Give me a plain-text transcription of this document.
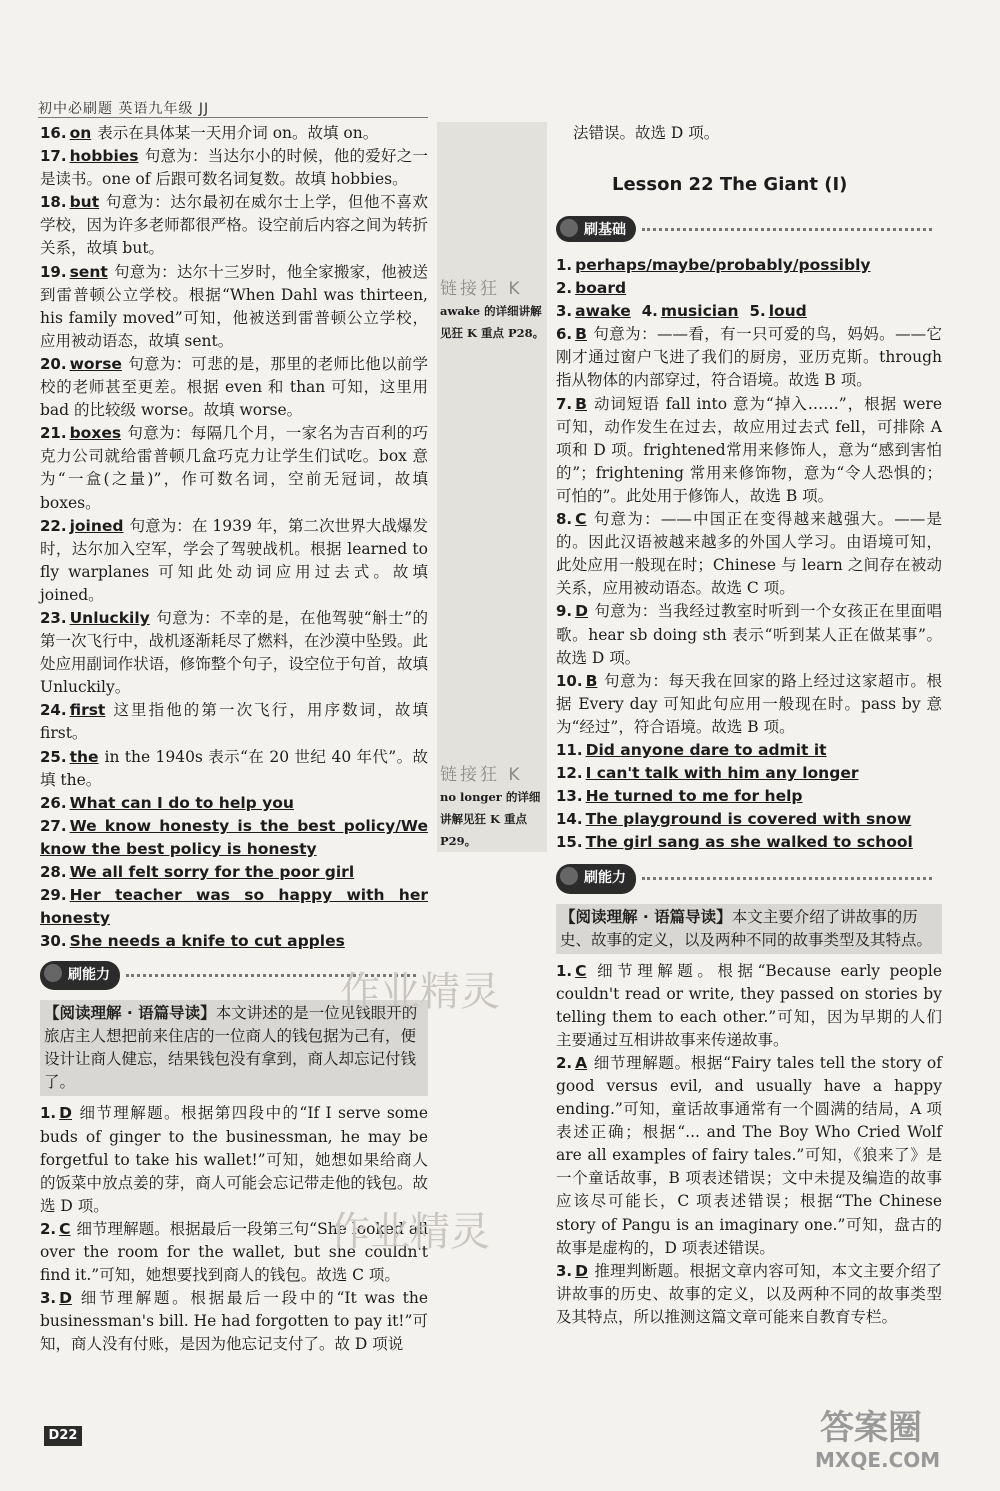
初中必刷题 英语九年级 JJ

16. on 表示在具体某一天用介词 on。故填 on。

17. hobbies 句意为：当达尔小的时候，他的爱好之一是读书。one of 后跟可数名词复数。故填 hobbies。

18. but 句意为：达尔最初在威尔士上学，但他不喜欢学校，因为许多老师都很严格。设空前后内容之间为转折关系，故填 but。

19. sent 句意为：达尔十三岁时，他全家搬家，他被送到雷普顿公立学校。根据“When Dahl was thirteen, his family moved”可知，他被送到雷普顿公立学校，应用被动语态，故填 sent。

20. worse 句意为：可悲的是，那里的老师比他以前学校的老师甚至更差。根据 even 和 than 可知，这里用 bad 的比较级 worse。故填 worse。

21. boxes 句意为：每隔几个月，一家名为吉百利的巧克力公司就给雷普顿几盒巧克力让学生们试吃。box 意为“一盒(之量)”，作可数名词，空前无冠词，故填 boxes。

22. joined 句意为：在 1939 年，第二次世界大战爆发时，达尔加入空军，学会了驾驶战机。根据 learned to fly warplanes 可知此处动词应用过去式。故填 joined。

23. Unluckily 句意为：不幸的是，在他驾驶“斛士”的第一次飞行中，战机逐渐耗尽了燃料，在沙漠中坠毁。此处应用副词作状语，修饰整个句子，设空位于句首，故填 Unluckily。

24. first 这里指他的第一次飞行，用序数词，故填 first。

25. the in the 1940s 表示“在 20 世纪 40 年代”。故填 the。

26. What can I do to help you

27. We know honesty is the best policy/We know the best policy is honesty

28. We all felt sorry for the poor girl

29. Her teacher was so happy with her honesty

30. She needs a knife to cut apples

刷能力
【阅读理解 · 语篇导读】本文讲述的是一位见钱眼开的旅店主人想把前来住店的一位商人的钱包据为己有，便设计让商人健忘，结果钱包没有拿到，商人却忘记付钱了。

1. D 细节理解题。根据第四段中的“If I serve some buds of ginger to the businessman, he may be forgetful to take his wallet!”可知，她想如果给商人的饭菜中放点姜的芽，商人可能会忘记带走他的钱包。故选 D 项。

2. C 细节理解题。根据最后一段第三句“She looked all over the room for the wallet, but she couldn't find it.”可知，她想要找到商人的钱包。故选 C 项。

3. D 细节理解题。根据最后一段中的“It was the businessman's bill. He had forgotten to pay it!”可知，商人没有付账，是因为他忘记支付了。故 D 项说

链接狂 K
awake 的详细讲解见狂 K 重点 P28。
链接狂 K
no longer 的详细讲解见狂 K 重点 P29。

法错误。故选 D 项。

Lesson 22 The Giant (Ⅰ)
刷基础

1. perhaps/maybe/probably/possibly 2. board

3. awake 4. musician 5. loud

6. B 句意为：——看，有一只可爱的鸟，妈妈。——它刚才通过窗户飞进了我们的厨房，亚历克斯。through 指从物体的内部穿过，符合语境。故选 B 项。

7. B 动词短语 fall into 意为“掉入……”，根据 were 可知，动作发生在过去，故应用过去式 fell，可排除 A 项和 D 项。frightened常用来修饰人，意为“感到害怕的”；frightening 常用来修饰物，意为“令人恐惧的；可怕的”。此处用于修饰人，故选 B 项。

8. C 句意为：——中国正在变得越来越强大。——是的。因此汉语被越来越多的外国人学习。由语境可知，此处应用一般现在时；Chinese 与 learn 之间存在被动关系，应用被动语态。故选 C 项。

9. D 句意为：当我经过教室时听到一个女孩正在里面唱歌。hear sb doing sth 表示“听到某人正在做某事”。故选 D 项。

10. B 句意为：每天我在回家的路上经过这家超市。根据 Every day 可知此句应用一般现在时。pass by 意为“经过”，符合语境。故选 B 项。

11. Did anyone dare to admit it

12. I can't talk with him any longer

13. He turned to me for help

14. The playground is covered with snow

15. The girl sang as she walked to school

刷能力
【阅读理解 · 语篇导读】本文主要介绍了讲故事的历史、故事的定义，以及两种不同的故事类型及其特点。

1. C 细节理解题。根据“Because early people couldn't read or write, they passed on stories by telling them to each other.”可知，因为早期的人们主要通过互相讲故事来传递故事。

2. A 细节理解题。根据“Fairy tales tell the story of good versus evil, and usually have a happy ending.”可知，童话故事通常有一个圆满的结局，A 项表述正确；根据“... and The Boy Who Cried Wolf are all examples of fairy tales.”可知，《狼来了》是一个童话故事，B 项表述错误；文中未提及编造的故事应该尽可能长，C 项表述错误；根据“The Chinese story of Pangu is an imaginary one.”可知，盘古的故事是虚构的，D 项表述错误。

3. D 推理判断题。根据文章内容可知，本文主要介绍了讲故事的历史、故事的定义，以及两种不同的故事类型及其特点，所以推测这篇文章可能来自教育专栏。

D22
作业精灵
作业精灵
答案圈
MXQE.COM
